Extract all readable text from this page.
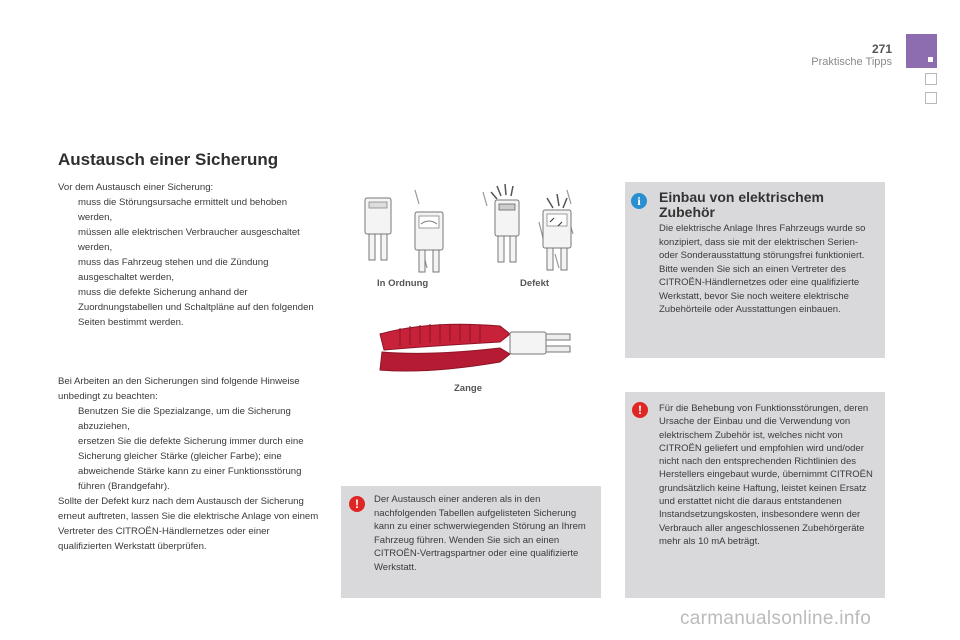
271
Praktische Tipps
Austausch einer Sicherung

Vor dem Austausch einer Sicherung:

muss die Störungsursache ermittelt und behoben werden,
müssen alle elektrischen Verbraucher ausgeschaltet werden,
muss das Fahrzeug stehen und die Zündung ausgeschaltet werden,
muss die defekte Sicherung anhand der Zuordnungstabellen und Schaltpläne auf den folgenden Seiten bestimmt werden.

Bei Arbeiten an den Sicherungen sind folgende Hinweise unbedingt zu beachten:

Benutzen Sie die Spezialzange, um die Sicherung abzuziehen,
ersetzen Sie die defekte Sicherung immer durch eine Sicherung gleicher Stärke (gleicher Farbe); eine abweichende Stärke kann zu einer Funktionsstörung führen (Brandgefahr).

Sollte der Defekt kurz nach dem Austausch der Sicherung erneut auftreten, lassen Sie die elektrische Anlage von einem Vertreter des CITROËN-Händlernetzes oder einer qualifizierten Werkstatt überprüfen.

In Ordnung	Defekt
Zange
i	Einbau von elektrischem Zubehör
Die elektrische Anlage Ihres Fahrzeugs wurde so konzipiert, dass sie mit der elektrischen Serien- oder Sonderausstattung störungsfrei funktioniert.
Bitte wenden Sie sich an einen Vertreter des CITROËN-Händlernetzes oder eine qualifizierte Werkstatt, bevor Sie noch weitere elektrische Zubehörteile oder Ausstattungen einbauen.
!	Für die Behebung von Funktionsstörungen, deren Ursache der Einbau und die Verwendung von elektrischem Zubehör ist, welches nicht von CITROËN geliefert und empfohlen wird und/oder nicht nach den entsprechenden Richtlinien des Herstellers eingebaut wurde, übernimmt CITROËN grundsätzlich keine Haftung, leistet keinen Ersatz und erstattet nicht die daraus entstandenen Instandsetzungskosten, insbesondere wenn der Verbrauch aller angeschlossenen Zubehörgeräte mehr als 10 mA beträgt.
!	Der Austausch einer anderen als in den nachfolgenden Tabellen aufgelisteten Sicherung kann zu einer schwerwiegenden Störung an Ihrem Fahrzeug führen. Wenden Sie sich an einen CITROËN-Vertragspartner oder eine qualifizierte Werkstatt.
carmanualsonline.info
